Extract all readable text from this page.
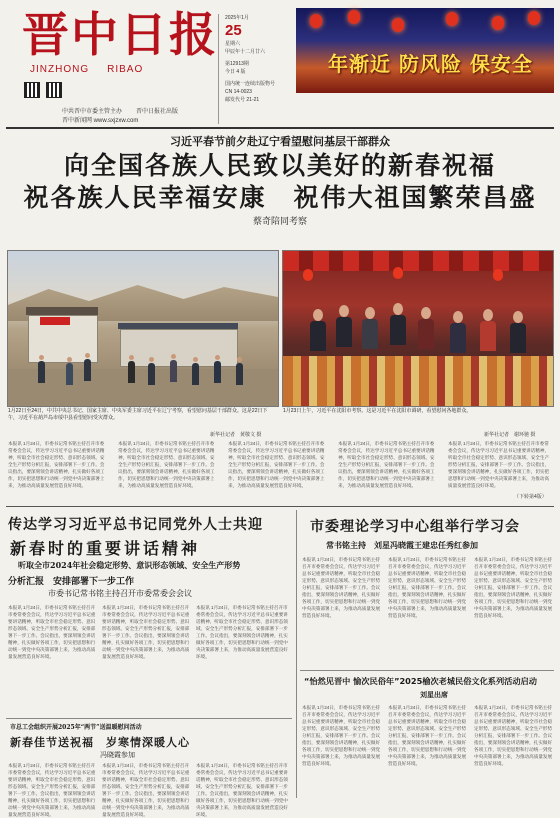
晋中日报
JINZHONG RIBAO
2025年1月
25
星期六
甲辰年十二月廿六
第12913期
今日 4 版
国内统一连续出版物号
CN 14-0023
邮发代号 21-21
年渐近 防风险 保安全
中共晋中市委主管主办 晋中日报社出版
晋中新闻网 www.sxjzxw.com
习近平春节前夕赴辽宁看望慰问基层干部群众
向全国各族人民致以美好的新春祝福
祝各族人民幸福安康　祝伟大祖国繁荣昌盛
蔡奇陪同考察
1月22日至24日，中共中央总书记、国家主席、中央军委主席习近平在辽宁考察，看望慰问基层干部群众。这是22日下午，习近平在葫芦岛市绥中县看望慰问受灾群众。
新华社记者　黄敬文 摄
1月23日上午，习近平在沈阳市考察。这是习近平在沈阳市调研，看望慰问各地群众。
新华社记者　谢环驰 摄
本报讯 1月24日，市委书记常书铭主持召开市委常委会会议，传达学习习近平总书记重要讲话精神，听取全市社会稳定形势、意识形态领域、安全生产形势分析汇报，安排部署下一步工作。会议指出，要深刻领会讲话精神，扎实做好各项工作，切实把思想和行动统一到党中央决策部署上来，为推动高质量发展营造良好环境。
本报讯 1月24日，市委书记常书铭主持召开市委常委会会议，传达学习习近平总书记重要讲话精神，听取全市社会稳定形势、意识形态领域、安全生产形势分析汇报，安排部署下一步工作。会议指出，要深刻领会讲话精神，扎实做好各项工作，切实把思想和行动统一到党中央决策部署上来，为推动高质量发展营造良好环境。
本报讯 1月24日，市委书记常书铭主持召开市委常委会会议，传达学习习近平总书记重要讲话精神，听取全市社会稳定形势、意识形态领域、安全生产形势分析汇报，安排部署下一步工作。会议指出，要深刻领会讲话精神，扎实做好各项工作，切实把思想和行动统一到党中央决策部署上来，为推动高质量发展营造良好环境。
本报讯 1月24日，市委书记常书铭主持召开市委常委会会议，传达学习习近平总书记重要讲话精神，听取全市社会稳定形势、意识形态领域、安全生产形势分析汇报，安排部署下一步工作。会议指出，要深刻领会讲话精神，扎实做好各项工作，切实把思想和行动统一到党中央决策部署上来，为推动高质量发展营造良好环境。
本报讯 1月24日，市委书记常书铭主持召开市委常委会会议，传达学习习近平总书记重要讲话精神，听取全市社会稳定形势、意识形态领域、安全生产形势分析汇报，安排部署下一步工作。会议指出，要深刻领会讲话精神，扎实做好各项工作，切实把思想和行动统一到党中央决策部署上来，为推动高质量发展营造良好环境。
（下转第4版）
传达学习习近平总书记同党外人士共迎
新春时的重要讲话精神
听取全市2024年社会稳定形势、意识形态领域、安全生产形势
分析汇报　安排部署下一步工作
市委书记常书铭主持召开市委常委会会议
本报讯 1月24日，市委书记常书铭主持召开市委常委会会议，传达学习习近平总书记重要讲话精神，听取全市社会稳定形势、意识形态领域、安全生产形势分析汇报，安排部署下一步工作。会议指出，要深刻领会讲话精神，扎实做好各项工作，切实把思想和行动统一到党中央决策部署上来，为推动高质量发展营造良好环境。
本报讯 1月24日，市委书记常书铭主持召开市委常委会会议，传达学习习近平总书记重要讲话精神，听取全市社会稳定形势、意识形态领域、安全生产形势分析汇报，安排部署下一步工作。会议指出，要深刻领会讲话精神，扎实做好各项工作，切实把思想和行动统一到党中央决策部署上来，为推动高质量发展营造良好环境。
本报讯 1月24日，市委书记常书铭主持召开市委常委会会议，传达学习习近平总书记重要讲话精神，听取全市社会稳定形势、意识形态领域、安全生产形势分析汇报，安排部署下一步工作。会议指出，要深刻领会讲话精神，扎实做好各项工作，切实把思想和行动统一到党中央决策部署上来，为推动高质量发展营造良好环境。
市委理论学习中心组举行学习会
常书铭主持　刘星冯晓霞王建忠任秀红参加
本报讯 1月24日，市委书记常书铭主持召开市委常委会会议，传达学习习近平总书记重要讲话精神，听取全市社会稳定形势、意识形态领域、安全生产形势分析汇报，安排部署下一步工作。会议指出，要深刻领会讲话精神，扎实做好各项工作，切实把思想和行动统一到党中央决策部署上来，为推动高质量发展营造良好环境。
本报讯 1月24日，市委书记常书铭主持召开市委常委会会议，传达学习习近平总书记重要讲话精神，听取全市社会稳定形势、意识形态领域、安全生产形势分析汇报，安排部署下一步工作。会议指出，要深刻领会讲话精神，扎实做好各项工作，切实把思想和行动统一到党中央决策部署上来，为推动高质量发展营造良好环境。
本报讯 1月24日，市委书记常书铭主持召开市委常委会会议，传达学习习近平总书记重要讲话精神，听取全市社会稳定形势、意识形态领域、安全生产形势分析汇报，安排部署下一步工作。会议指出，要深刻领会讲话精神，扎实做好各项工作，切实把思想和行动统一到党中央决策部署上来，为推动高质量发展营造良好环境。
“怡然见晋中 愉次民俗年”2025榆次老城民俗文化系列活动启动
刘星出席
本报讯 1月24日，市委书记常书铭主持召开市委常委会会议，传达学习习近平总书记重要讲话精神，听取全市社会稳定形势、意识形态领域、安全生产形势分析汇报，安排部署下一步工作。会议指出，要深刻领会讲话精神，扎实做好各项工作，切实把思想和行动统一到党中央决策部署上来，为推动高质量发展营造良好环境。
本报讯 1月24日，市委书记常书铭主持召开市委常委会会议，传达学习习近平总书记重要讲话精神，听取全市社会稳定形势、意识形态领域、安全生产形势分析汇报，安排部署下一步工作。会议指出，要深刻领会讲话精神，扎实做好各项工作，切实把思想和行动统一到党中央决策部署上来，为推动高质量发展营造良好环境。
本报讯 1月24日，市委书记常书铭主持召开市委常委会会议，传达学习习近平总书记重要讲话精神，听取全市社会稳定形势、意识形态领域、安全生产形势分析汇报，安排部署下一步工作。会议指出，要深刻领会讲话精神，扎实做好各项工作，切实把思想和行动统一到党中央决策部署上来，为推动高质量发展营造良好环境。
市总工会组织开展2025年“两节”送温暖慰问活动
新春佳节送祝福　岁寒情深暖人心
冯晓霞参加
本报讯 1月24日，市委书记常书铭主持召开市委常委会会议，传达学习习近平总书记重要讲话精神，听取全市社会稳定形势、意识形态领域、安全生产形势分析汇报，安排部署下一步工作。会议指出，要深刻领会讲话精神，扎实做好各项工作，切实把思想和行动统一到党中央决策部署上来，为推动高质量发展营造良好环境。
本报讯 1月24日，市委书记常书铭主持召开市委常委会会议，传达学习习近平总书记重要讲话精神，听取全市社会稳定形势、意识形态领域、安全生产形势分析汇报，安排部署下一步工作。会议指出，要深刻领会讲话精神，扎实做好各项工作，切实把思想和行动统一到党中央决策部署上来，为推动高质量发展营造良好环境。
本报讯 1月24日，市委书记常书铭主持召开市委常委会会议，传达学习习近平总书记重要讲话精神，听取全市社会稳定形势、意识形态领域、安全生产形势分析汇报，安排部署下一步工作。会议指出，要深刻领会讲话精神，扎实做好各项工作，切实把思想和行动统一到党中央决策部署上来，为推动高质量发展营造良好环境。
